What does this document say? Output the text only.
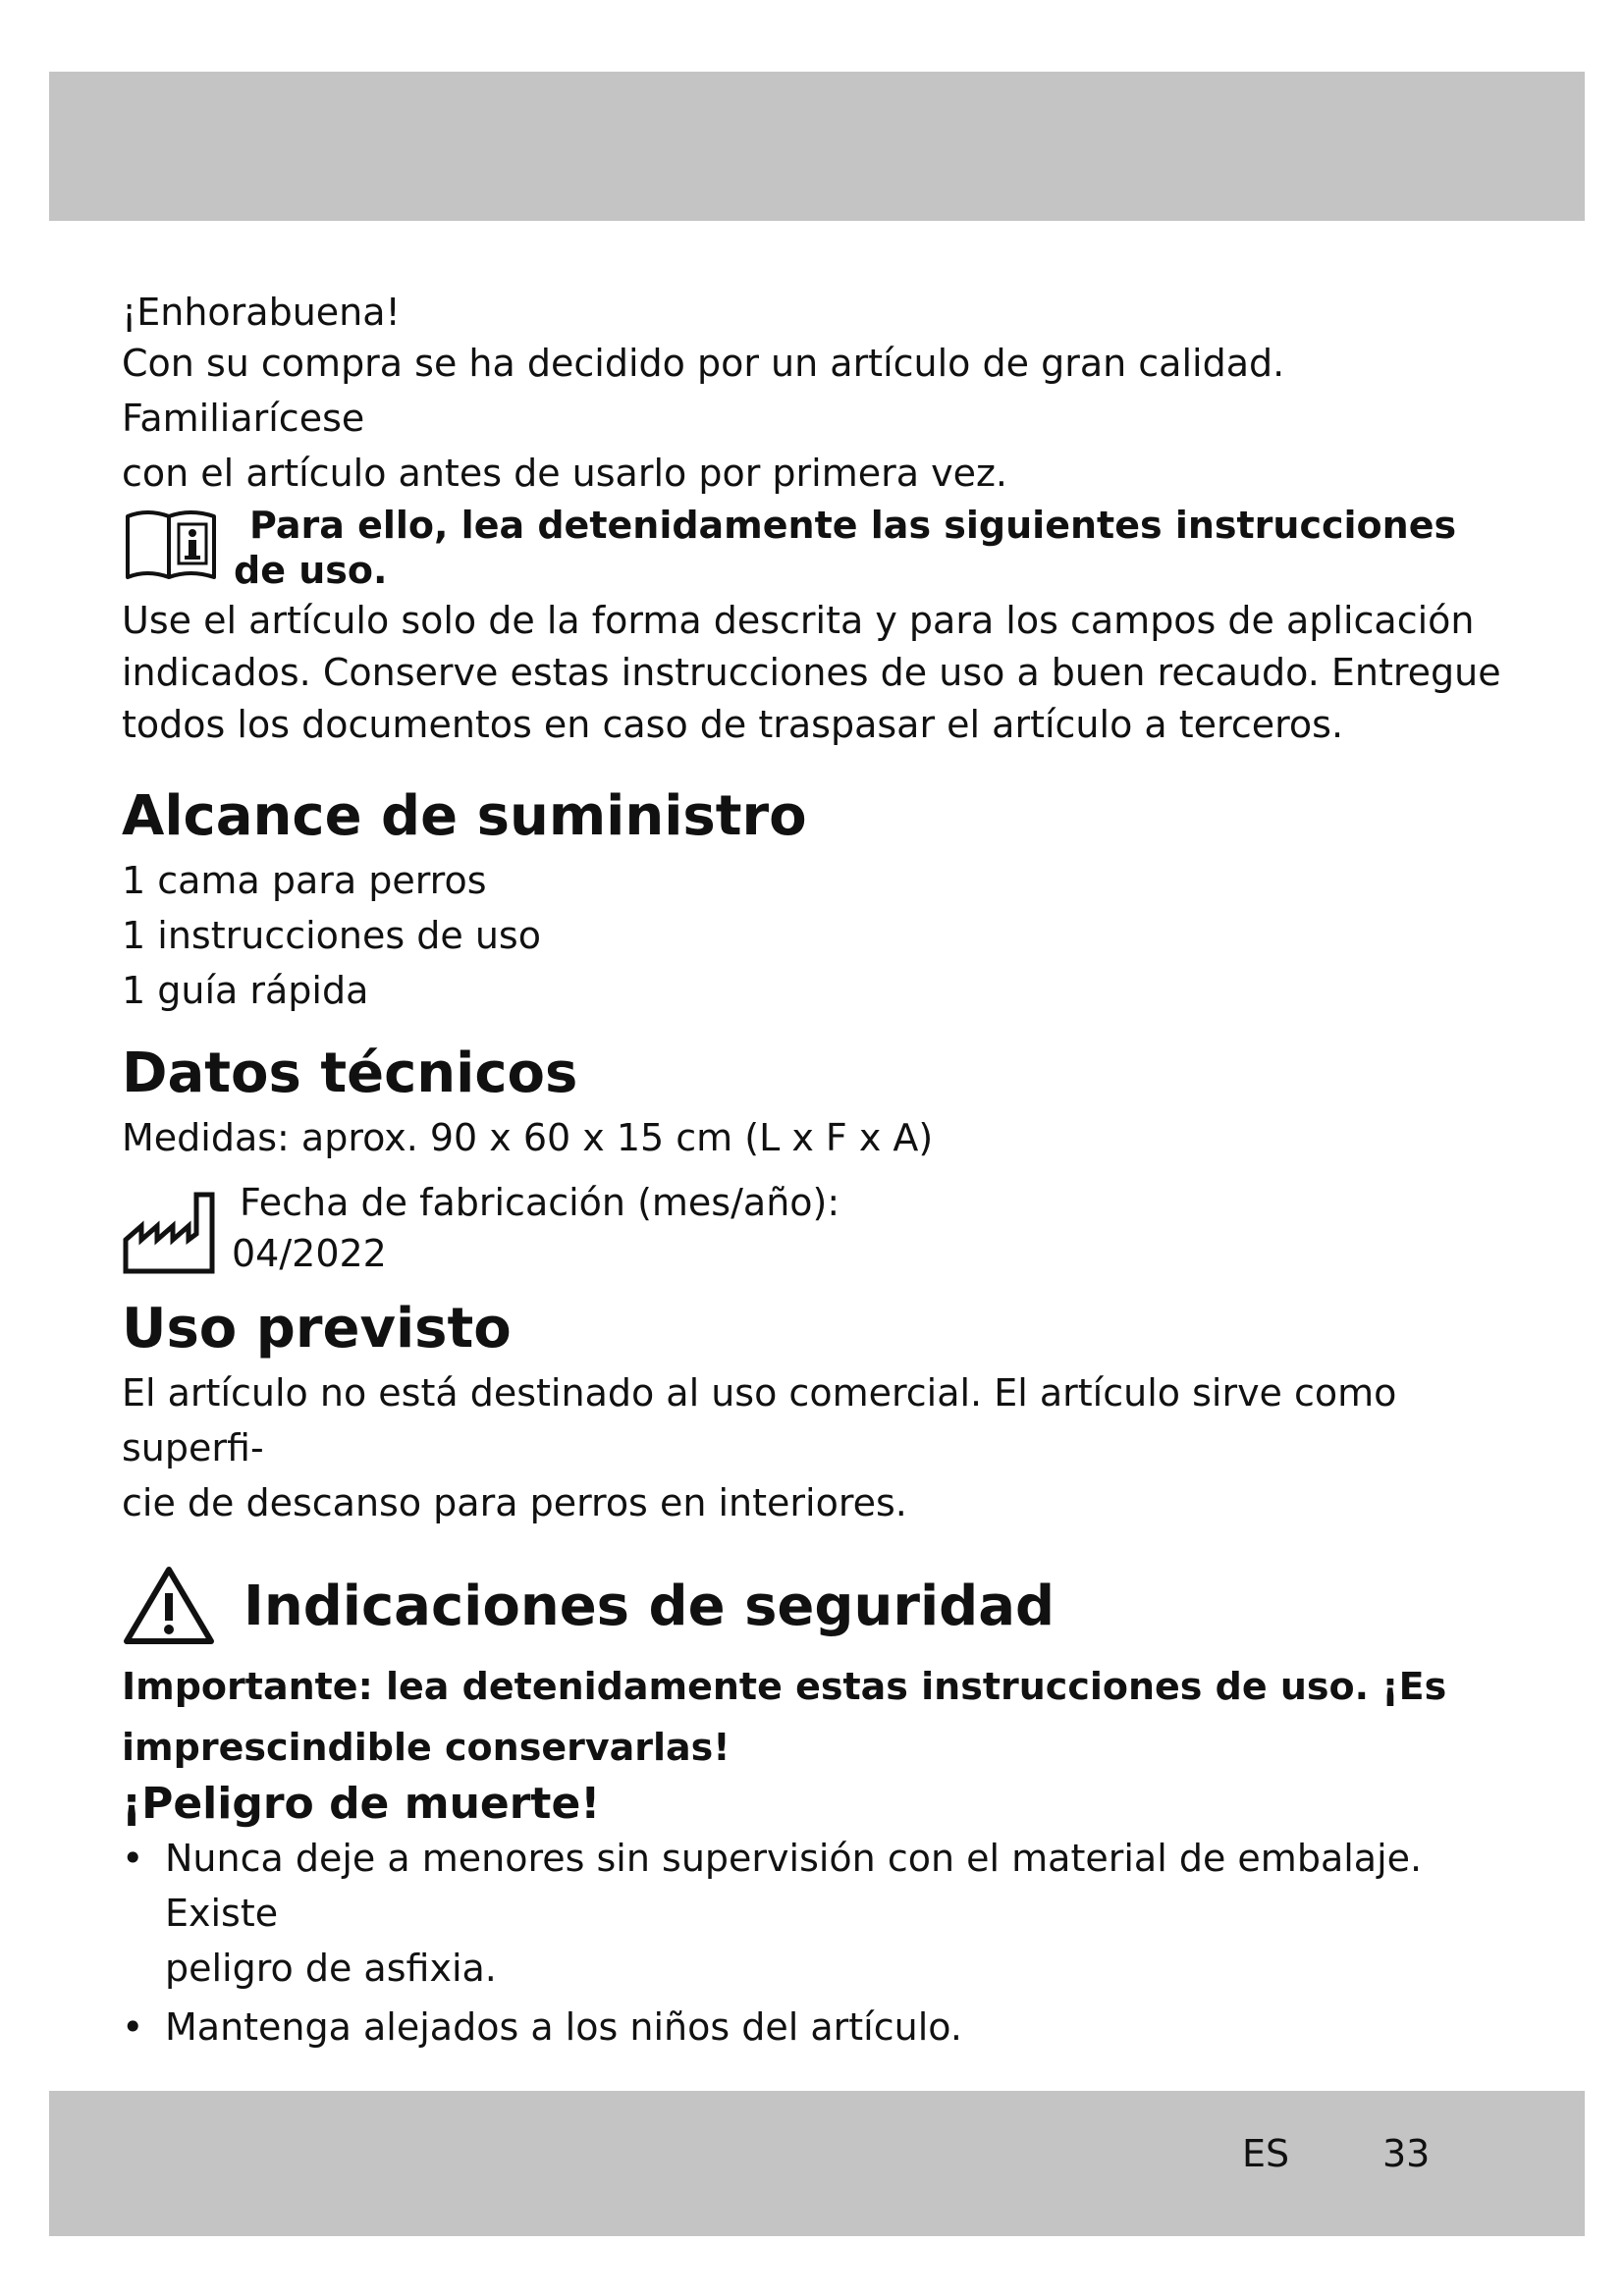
¡Enhorabuena!

Con su compra se ha decidido por un artículo de gran calidad. Familiarícese

con el artículo antes de usarlo por primera vez.

Para ello, lea detenidamente las siguientes instrucciones

de uso.

Use el artículo solo de la forma descrita y para los campos de aplicación

indicados. Conserve estas instrucciones de uso a buen recaudo. Entregue

todos los documentos en caso de traspasar el artículo a terceros.

Alcance de suministro

1 cama para perros

1 instrucciones de uso

1 guía rápida

Datos técnicos

Medidas: aprox. 90 x 60 x 15 cm (L x F x A)

Fecha de fabricación (mes/año):

04/2022

Uso previsto

El artículo no está destinado al uso comercial. El artículo sirve como superfi-

cie de descanso para perros en interiores.

Indicaciones de seguridad

Importante: lea detenidamente estas instrucciones de uso. ¡Es

imprescindible conservarlas!

¡Peligro de muerte!

• Nunca deje a menores sin supervisión con el material de embalaje. Existe
peligro de asfixia.
• Mantenga alejados a los niños del artículo.
ES 33
